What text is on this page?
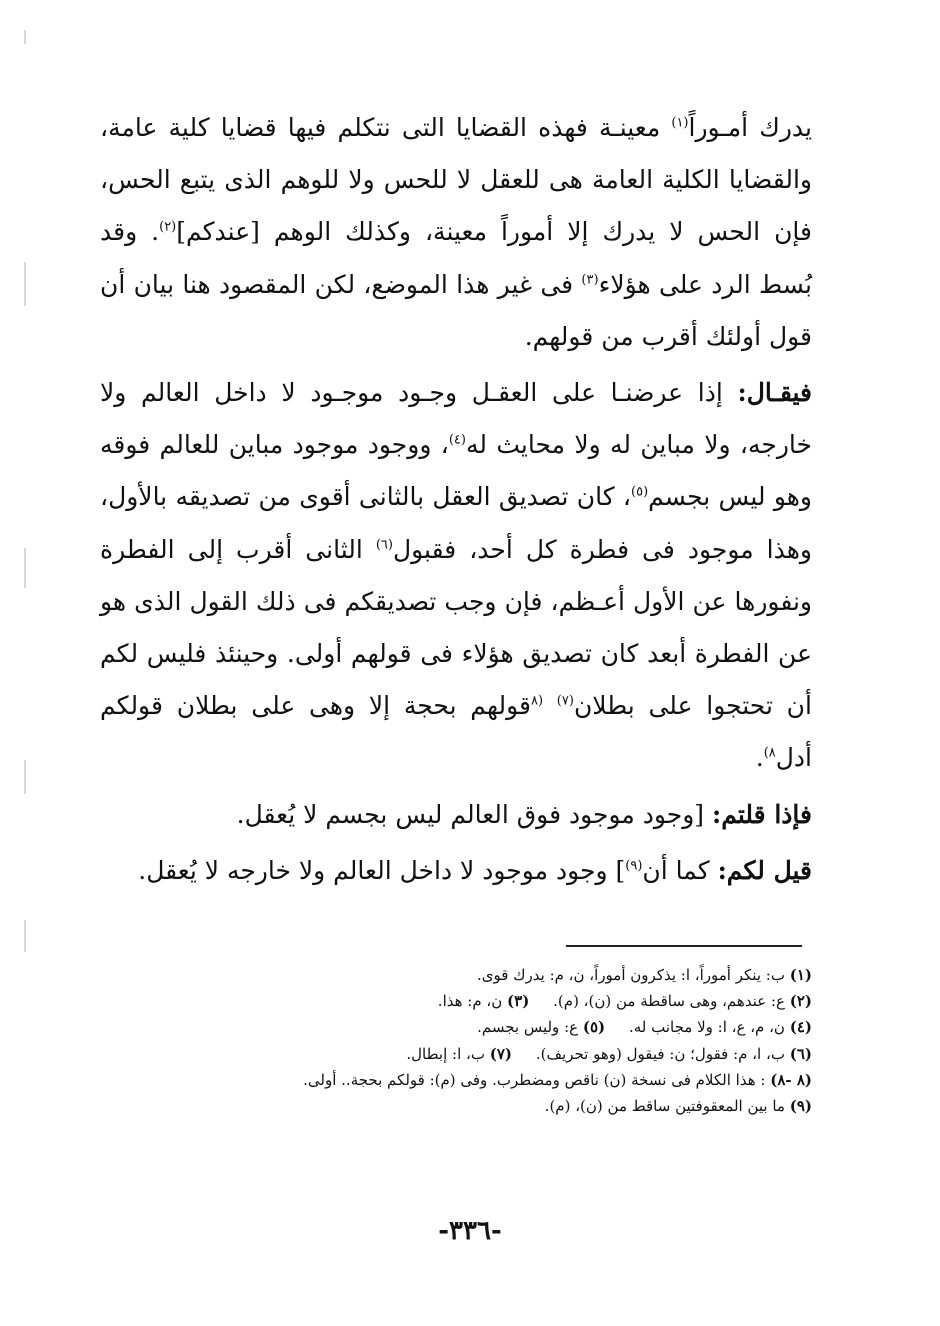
يدرك أمـوراً$^{(١)}$ معينـة فهذه القضايا التى نتكلم فيها قضايا كلية عامة، والقضايا الكلية العامة هى للعقل لا للحس ولا للوهم الذى يتبع الحس، فإن الحس لا يدرك إلا أموراً معينة، وكذلك الوهم [عندكم]$^{(٢)}$. وقد بُسط الرد على هؤلاء$^{(٣)}$ فى غير هذا الموضع، لكن المقصود هنا بيان أن قول أولئك أقرب من قولهم.

فيقـال: إذا عرضنـا على العقـل وجـود موجـود لا داخل العالم ولا خارجه، ولا مباين له ولا محايث له$^{(٤)}$، ووجود موجود مباين للعالم فوقه وهو ليس بجسم$^{(٥)}$، كان تصديق العقل بالثانى أقوى من تصديقه بالأول، وهذا موجود فى فطرة كل أحد، فقبول$^{(٦)}$ الثانى أقرب إلى الفطرة ونفورها عن الأول أعـظم، فإن وجب تصديقكم فى ذلك القول الذى هو عن الفطرة أبعد كان تصديق هؤلاء فى قولهم أولى. وحينئذ فليس لكم أن تحتجوا على بطلان$^{(٧)}$ $^{(٨}$قولهم بحجة إلا وهى على بطلان قولكم أدل$^{٨)}$.

فإذا قلتم: [وجود موجود فوق العالم ليس بجسم لا يُعقل.

قيل لكم: كما أن$^{(٩)}$] وجود موجود لا داخل العالم ولا خارجه لا يُعقل.

(١) ب: ينكر أموراً، ا: يذكرون أموراً، ن، م: يدرك قوى.
(٢) ع: عندهم، وهى ساقطة من (ن)، (م).     (٣) ن، م: هذا.
(٤) ن، م، ع، ا: ولا مجانب له.     (٥) ع: وليس بجسم.
(٦) ب، ا، م: فقول؛ ن: فيقول (وهو تحريف).     (٧) ب، ا: إبطال.
(٨ -٨) : هذا الكلام فى نسخة (ن) ناقص ومضطرب. وفى (م): قولكم بحجة.. أولى.
(٩) ما بين المعقوفتين ساقط من (ن)، (م).
-٣٣٦-
